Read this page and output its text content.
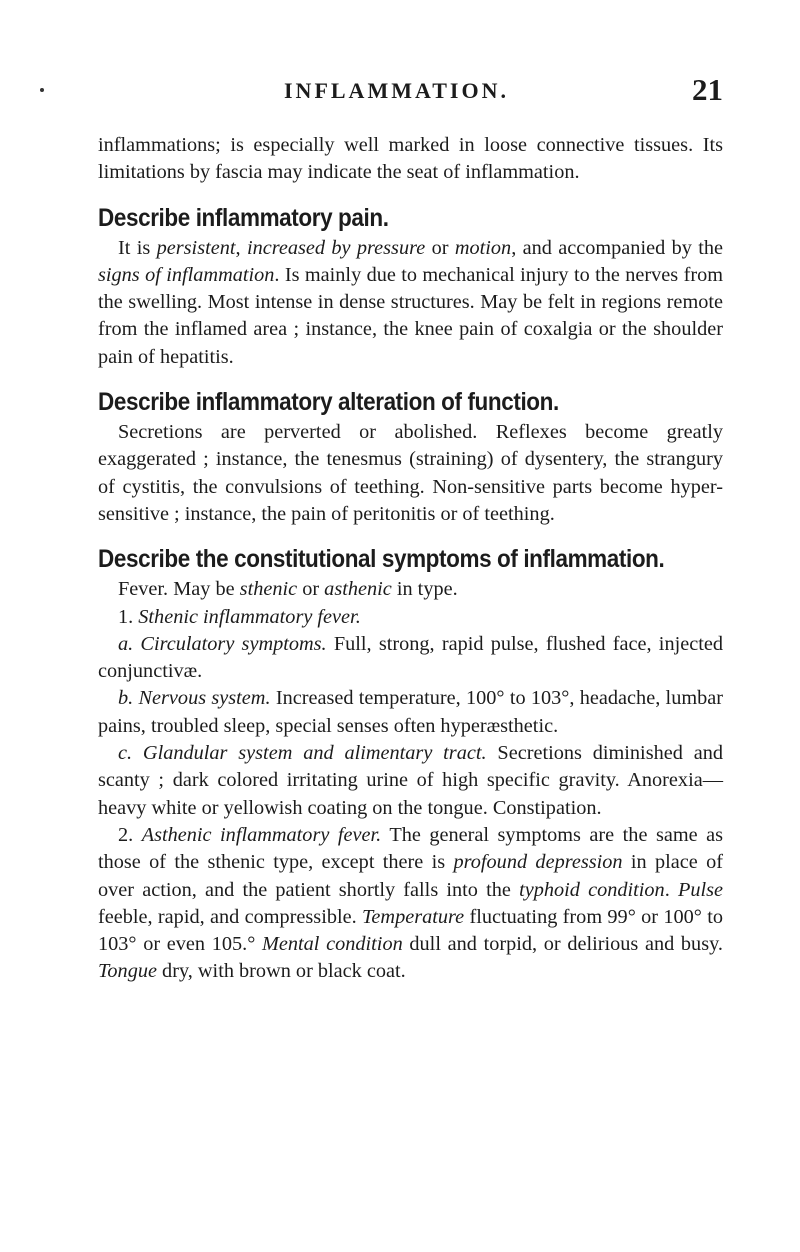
INFLAMMATION.	21

inflammations; is especially well marked in loose connective tissues. Its limitations by fascia may indicate the seat of inflammation.

Describe inflammatory pain.

It is persistent, increased by pressure or motion, and accompanied by the signs of inflammation. Is mainly due to mechanical injury to the nerves from the swelling. Most intense in dense structures. May be felt in regions remote from the inflamed area ; instance, the knee pain of coxalgia or the shoulder pain of hepatitis.

Describe inflammatory alteration of function.

Secretions are perverted or abolished. Reflexes become greatly exaggerated ; instance, the tenesmus (straining) of dysentery, the strangury of cystitis, the convulsions of teething. Non-sensitive parts become hyper-sensitive ; instance, the pain of peritonitis or of teething.

Describe the constitutional symptoms of inflammation.

Fever. May be sthenic or asthenic in type.

1. Sthenic inflammatory fever.

a. Circulatory symptoms. Full, strong, rapid pulse, flushed face, injected conjunctivæ.

b. Nervous system. Increased temperature, 100° to 103°, headache, lumbar pains, troubled sleep, special senses often hyperæsthetic.

c. Glandular system and alimentary tract. Secretions diminished and scanty ; dark colored irritating urine of high specific gravity. Anorexia—heavy white or yellowish coating on the tongue. Constipation.

2. Asthenic inflammatory fever. The general symptoms are the same as those of the sthenic type, except there is profound depression in place of over action, and the patient shortly falls into the typhoid condition. Pulse feeble, rapid, and compressible. Temperature fluctuating from 99° or 100° to 103° or even 105.° Mental condition dull and torpid, or delirious and busy. Tongue dry, with brown or black coat.
